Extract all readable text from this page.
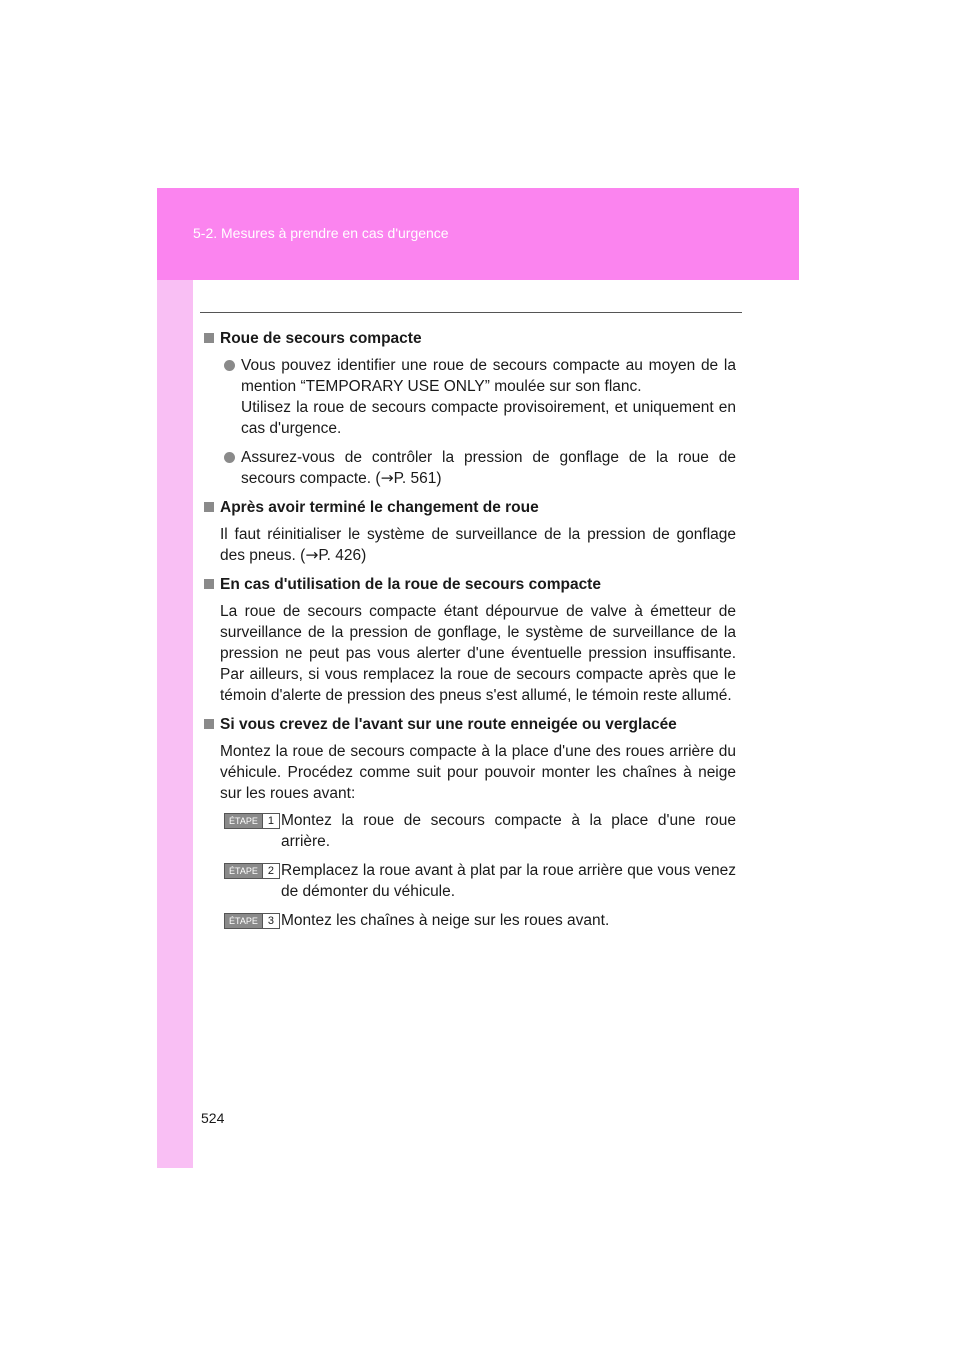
5-2. Mesures à prendre en cas d'urgence
Roue de secours compacte
Vous pouvez identifier une roue de secours compacte au moyen de la mention “TEMPORARY USE ONLY” moulée sur son flanc.
Utilisez la roue de secours compacte provisoirement, et uniquement en cas d'urgence.
Assurez-vous de contrôler la pression de gonflage de la roue de secours compacte. (→P. 561)
Après avoir terminé le changement de roue
Il faut réinitialiser le système de surveillance de la pression de gonflage des pneus. (→P. 426)
En cas d'utilisation de la roue de secours compacte
La roue de secours compacte étant dépourvue de valve à émetteur de surveillance de la pression de gonflage, le système de surveillance de la pression ne peut pas vous alerter d'une éventuelle pression insuffisante. Par ailleurs, si vous remplacez la roue de secours compacte après que le témoin d'alerte de pression des pneus s'est allumé, le témoin reste allumé.
Si vous crevez de l'avant sur une route enneigée ou verglacée
Montez la roue de secours compacte à la place d'une des roues arrière du véhicule. Procédez comme suit pour pouvoir monter les chaînes à neige sur les roues avant:
ÉTAPE 1 Montez la roue de secours compacte à la place d'une roue arrière.
ÉTAPE 2 Remplacez la roue avant à plat par la roue arrière que vous venez de démonter du véhicule.
ÉTAPE 3 Montez les chaînes à neige sur les roues avant.
524
